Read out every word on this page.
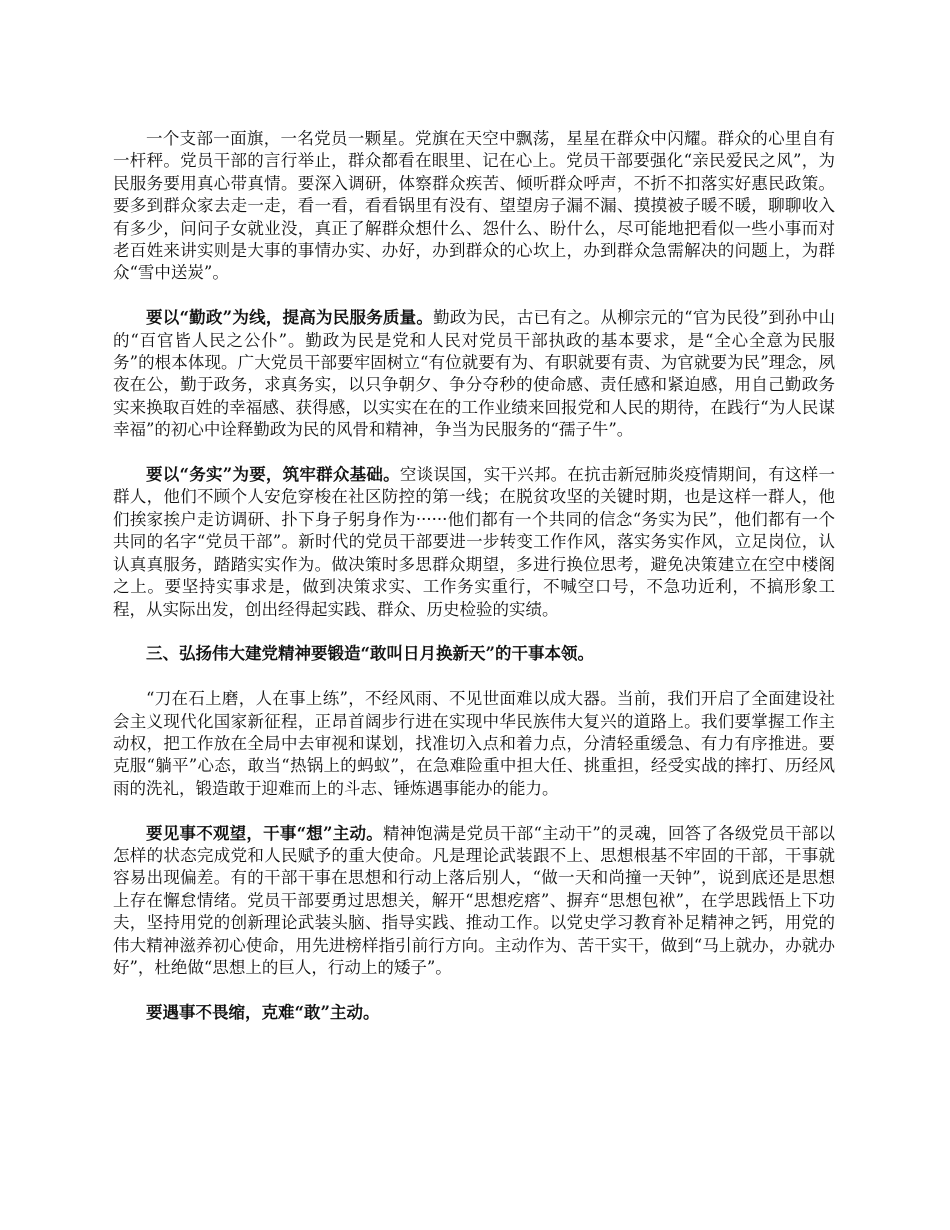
一个支部一面旗，一名党员一颗星。党旗在天空中飘荡，星星在群众中闪耀。群众的心里自有一杆秤。党员干部的言行举止，群众都看在眼里、记在心上。党员干部要强化“亲民爱民之风”，为民服务要用真心带真情。要深入调研，体察群众疾苦、倾听群众呼声，不折不扣落实好惠民政策。要多到群众家去走一走，看一看，看看锅里有没有、望望房子漏不漏、摸摸被子暖不暖，聊聊收入有多少，问问子女就业没，真正了解群众想什么、怨什么、盼什么，尽可能地把看似一些小事而对老百姓来讲实则是大事的事情办实、办好，办到群众的心坎上，办到群众急需解决的问题上，为群众“雪中送炭”。

要以“勤政”为线，提高为民服务质量。勤政为民，古已有之。从柳宗元的“官为民役”到孙中山的“百官皆人民之公仆”。勤政为民是党和人民对党员干部执政的基本要求，是“全心全意为民服务”的根本体现。广大党员干部要牢固树立“有位就要有为、有职就要有责、为官就要为民”理念，夙夜在公，勤于政务，求真务实，以只争朝夕、争分夺秒的使命感、责任感和紧迫感，用自己勤政务实来换取百姓的幸福感、获得感，以实实在在的工作业绩来回报党和人民的期待，在践行“为人民谋幸福”的初心中诠释勤政为民的风骨和精神，争当为民服务的“孺子牛”。

要以“务实”为要，筑牢群众基础。空谈误国，实干兴邦。在抗击新冠肺炎疫情期间，有这样一群人，他们不顾个人安危穿梭在社区防控的第一线；在脱贫攻坚的关键时期，也是这样一群人，他们挨家挨户走访调研、扑下身子躬身作为······他们都有一个共同的信念“务实为民”，他们都有一个共同的名字“党员干部”。新时代的党员干部要进一步转变工作作风，落实务实作风，立足岗位，认认真真服务，踏踏实实作为。做决策时多思群众期望，多进行换位思考，避免决策建立在空中楼阁之上。要坚持实事求是，做到决策求实、工作务实重行，不喊空口号，不急功近利，不搞形象工程，从实际出发，创出经得起实践、群众、历史检验的实绩。

三、弘扬伟大建党精神要锻造“敢叫日月换新天”的干事本领。

“刀在石上磨，人在事上练”，不经风雨、不见世面难以成大器。当前，我们开启了全面建设社会主义现代化国家新征程，正昂首阔步行进在实现中华民族伟大复兴的道路上。我们要掌握工作主动权，把工作放在全局中去审视和谋划，找准切入点和着力点，分清轻重缓急、有力有序推进。要克服“躺平”心态，敢当“热锅上的蚂蚁”，在急难险重中担大任、挑重担，经受实战的摔打、历经风雨的洗礼，锻造敢于迎难而上的斗志、锤炼遇事能办的能力。

要见事不观望，干事“想”主动。精神饱满是党员干部“主动干”的灵魂，回答了各级党员干部以怎样的状态完成党和人民赋予的重大使命。凡是理论武装跟不上、思想根基不牢固的干部，干事就容易出现偏差。有的干部干事在思想和行动上落后别人，“做一天和尚撞一天钟”，说到底还是思想上存在懈怠情绪。党员干部要勇过思想关，解开“思想疙瘩”、摒弃“思想包袱”，在学思践悟上下功夫，坚持用党的创新理论武装头脑、指导实践、推动工作。以党史学习教育补足精神之钙，用党的伟大精神滋养初心使命，用先进榜样指引前行方向。主动作为、苦干实干，做到“马上就办，办就办好”，杜绝做“思想上的巨人，行动上的矮子”。

要遇事不畏缩，克难“敢”主动。
